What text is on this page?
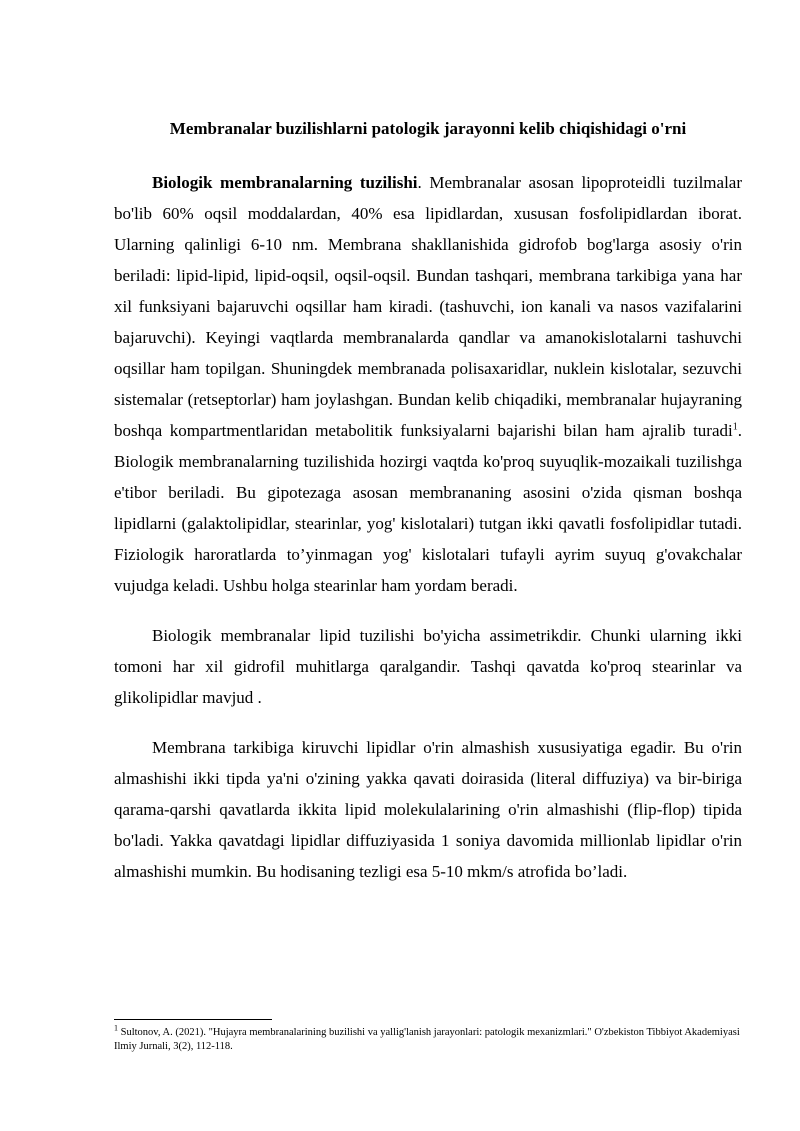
Membranalar buzilishlarni patologik jarayonni kelib chiqishidagi o'rni

Biologik membranalarning tuzilishi. Membranalar asosan lipoproteidli tuzilmalar bo'lib 60% oqsil moddalardan, 40% esa lipidlardan, xususan fosfolipidlardan iborat. Ularning qalinligi 6-10 nm. Membrana shakllanishida gidrofob bog'larga asosiy o'rin beriladi: lipid-lipid, lipid-oqsil, oqsil-oqsil. Bundan tashqari, membrana tarkibiga yana har xil funksiyani bajaruvchi oqsillar ham kiradi. (tashuvchi, ion kanali va nasos vazifalarini bajaruvchi). Keyingi vaqtlarda membranalarda qandlar va amanokislotalarni tashuvchi oqsillar ham topilgan. Shuningdek membranada polisaxaridlar, nuklein kislotalar, sezuvchi sistemalar (retseptorlar) ham joylashgan. Bundan kelib chiqadiki, membranalar hujayraning boshqa kompartmentlaridan metabolitik funksiyalarni bajarishi bilan ham ajralib turadi$^1$. Biologik membranalarning tuzilishida hozirgi vaqtda ko'proq suyuqlik-mozaikali tuzilishga e'tibor beriladi. Bu gipotezaga asosan membrananing asosini o'zida qisman boshqa lipidlarni (galaktolipidlar, stearinlar, yog' kislotalari) tutgan ikki qavatli fosfolipidlar tutadi. Fiziologik haroratlarda to’yinmagan yog' kislotalari tufayli ayrim suyuq g'ovakchalar vujudga keladi. Ushbu holga stearinlar ham yordam beradi.

Biologik membranalar lipid tuzilishi bo'yicha assimetrikdir. Chunki ularning ikki tomoni har xil gidrofil muhitlarga qaralgandir. Tashqi qavatda ko'proq stearinlar va glikolipidlar mavjud .

Membrana tarkibiga kiruvchi lipidlar o'rin almashish xususiyatiga egadir. Bu o'rin almashishi ikki tipda ya'ni o'zining yakka qavati doirasida (literal diffuziya) va bir-biriga qarama-qarshi qavatlarda ikkita lipid molekulalarining o'rin almashishi (flip-flop) tipida bo'ladi. Yakka qavatdagi lipidlar diffuziyasida 1 soniya davomida millionlab lipidlar o'rin almashishi mumkin. Bu hodisaning tezligi esa 5-10 mkm/s atrofida bo’ladi.

$^1$ Sultonov, A. (2021). "Hujayra membranalarining buzilishi va yallig'lanish jarayonlari: patologik mexanizmlari." O'zbekiston Tibbiyot Akademiyasi Ilmiy Jurnali, 3(2), 112-118.
